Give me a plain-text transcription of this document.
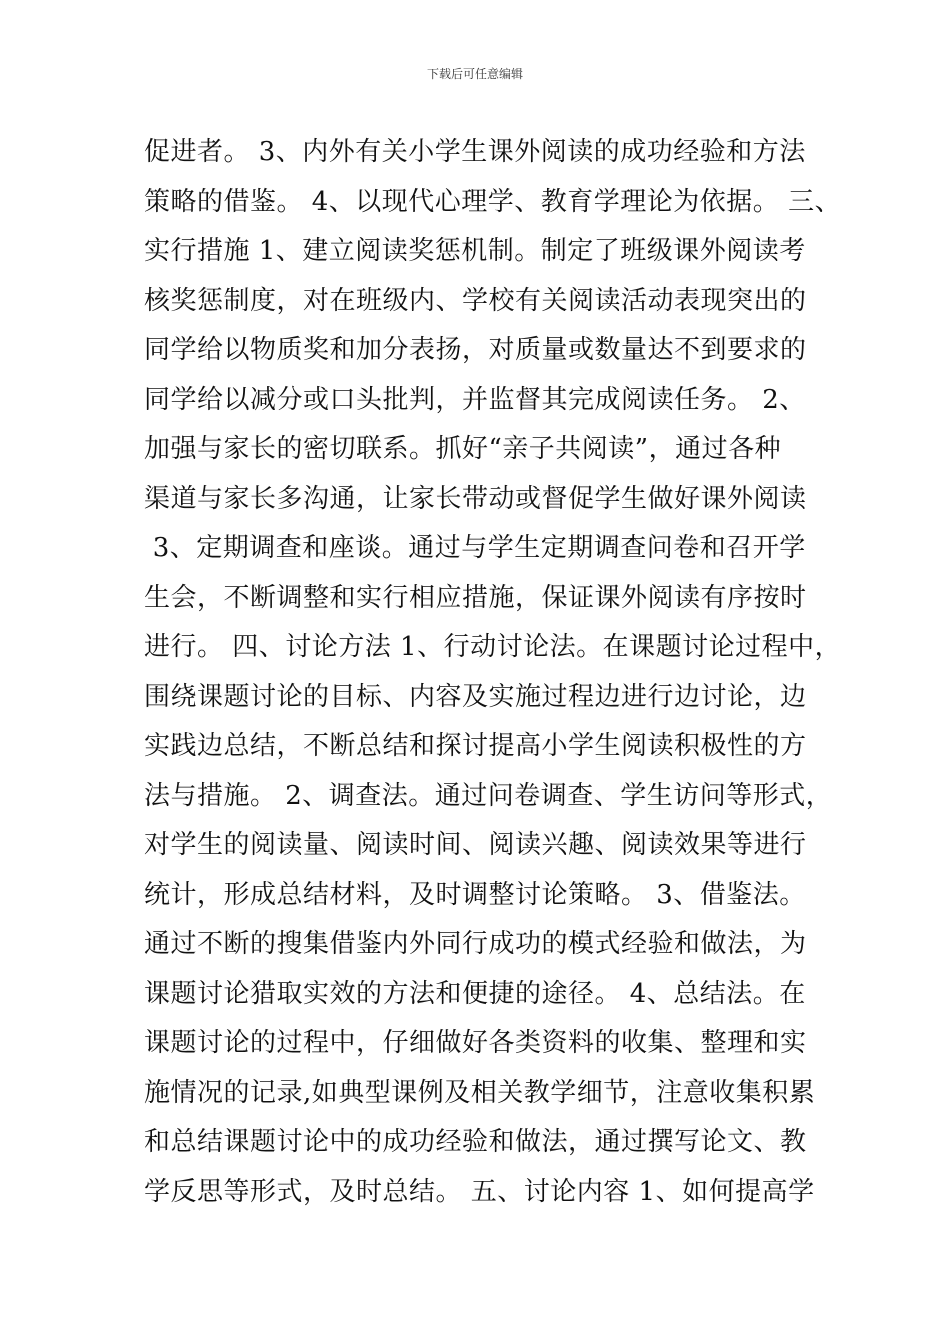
下载后可任意编辑
促进者。 3、内外有关小学生课外阅读的成功经验和方法
策略的借鉴。 4、以现代心理学、教育学理论为依据。 三、
实行措施 1、建立阅读奖惩机制。制定了班级课外阅读考
核奖惩制度，对在班级内、学校有关阅读活动表现突出的
同学给以物质奖和加分表扬，对质量或数量达不到要求的
同学给以减分或口头批判，并监督其完成阅读任务。 2、
加强与家长的密切联系。抓好“亲子共阅读”，通过各种
渠道与家长多沟通，让家长带动或督促学生做好课外阅读
3、定期调查和座谈。通过与学生定期调查问卷和召开学
生会，不断调整和实行相应措施，保证课外阅读有序按时
进行。 四、讨论方法 1、行动讨论法。在课题讨论过程中，
围绕课题讨论的目标、内容及实施过程边进行边讨论，边
实践边总结，不断总结和探讨提高小学生阅读积极性的方
法与措施。 2、调查法。通过问卷调查、学生访问等形式，
对学生的阅读量、阅读时间、阅读兴趣、阅读效果等进行
统计，形成总结材料，及时调整讨论策略。 3、借鉴法。
通过不断的搜集借鉴内外同行成功的模式经验和做法，为
课题讨论猎取实效的方法和便捷的途径。 4、总结法。在
课题讨论的过程中，仔细做好各类资料的收集、整理和实
施情况的记录,如典型课例及相关教学细节，注意收集积累
和总结课题讨论中的成功经验和做法，通过撰写论文、教
学反思等形式，及时总结。 五、讨论内容 1、如何提高学
